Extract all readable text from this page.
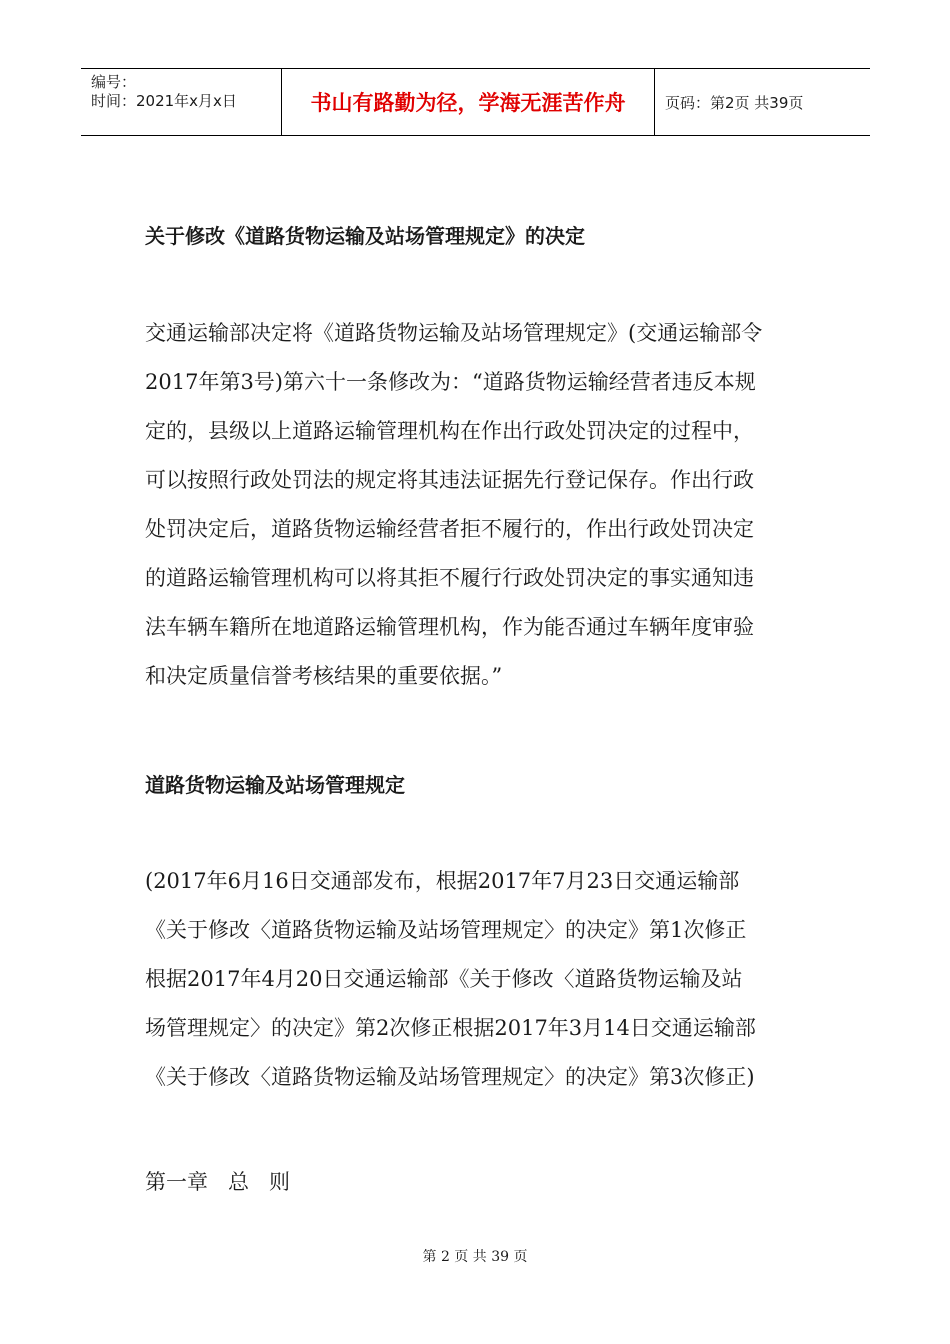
编号：
时间：2021年x月x日	书山有路勤为径，学海无涯苦作舟	页码：第2页 共39页
关于修改《道路货物运输及站场管理规定》的决定

交通运输部决定将《道路货物运输及站场管理规定》(交通运输部令

2017年第3号)第六十一条修改为：“道路货物运输经营者违反本规

定的，县级以上道路运输管理机构在作出行政处罚决定的过程中，

可以按照行政处罚法的规定将其违法证据先行登记保存。作出行政

处罚决定后，道路货物运输经营者拒不履行的，作出行政处罚决定

的道路运输管理机构可以将其拒不履行行政处罚决定的事实通知违

法车辆车籍所在地道路运输管理机构，作为能否通过车辆年度审验

和决定质量信誉考核结果的重要依据。”

道路货物运输及站场管理规定

(2017年6月16日交通部发布，根据2017年7月23日交通运输部

《关于修改〈道路货物运输及站场管理规定〉的决定》第1次修正

根据2017年4月20日交通运输部《关于修改〈道路货物运输及站

场管理规定〉的决定》第2次修正根据2017年3月14日交通运输部

《关于修改〈道路货物运输及站场管理规定〉的决定》第3次修正)

第一章   总   则
第 2 页 共 39 页
